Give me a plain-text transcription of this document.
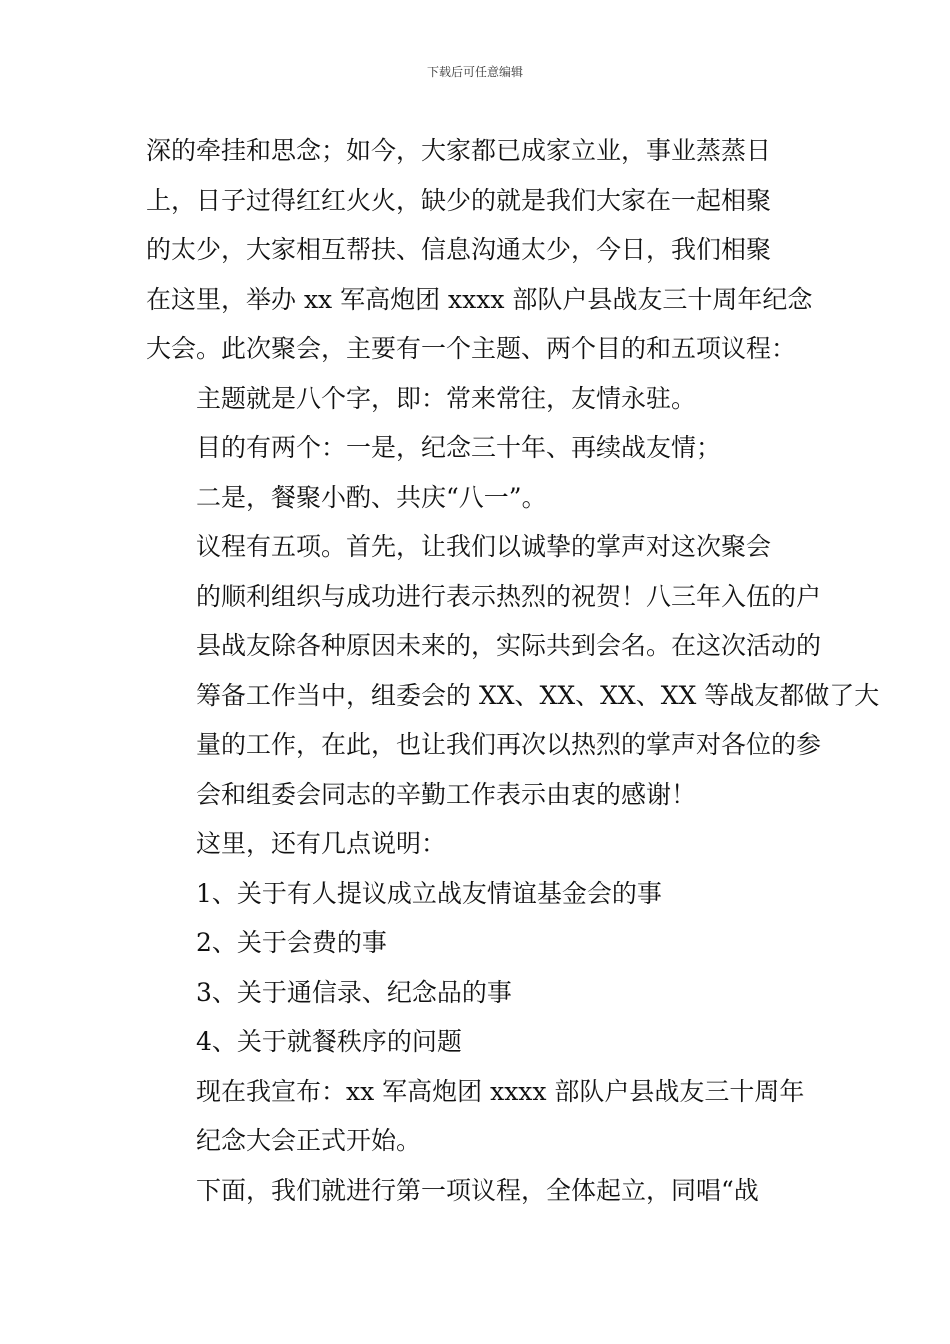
下载后可任意编辑
深的牵挂和思念；如今，大家都已成家立业，事业蒸蒸日
上，日子过得红红火火，缺少的就是我们大家在一起相聚
的太少，大家相互帮扶、信息沟通太少，今日，我们相聚
在这里，举办 xx 军高炮团 xxxx 部队户县战友三十周年纪念
大会。此次聚会，主要有一个主题、两个目的和五项议程：
主题就是八个字，即：常来常往，友情永驻。
目的有两个：一是，纪念三十年、再续战友情；
二是，餐聚小酌、共庆“八一”。
议程有五项。首先，让我们以诚挚的掌声对这次聚会
的顺利组织与成功进行表示热烈的祝贺！八三年入伍的户
县战友除各种原因未来的，实际共到会名。在这次活动的
筹备工作当中，组委会的 XX、XX、XX、XX 等战友都做了大
量的工作，在此，也让我们再次以热烈的掌声对各位的参
会和组委会同志的辛勤工作表示由衷的感谢！
这里，还有几点说明：
1、关于有人提议成立战友情谊基金会的事
2、关于会费的事
3、关于通信录、纪念品的事
4、关于就餐秩序的问题
现在我宣布：xx 军高炮团 xxxx 部队户县战友三十周年
纪念大会正式开始。
下面，我们就进行第一项议程，全体起立，同唱“战
